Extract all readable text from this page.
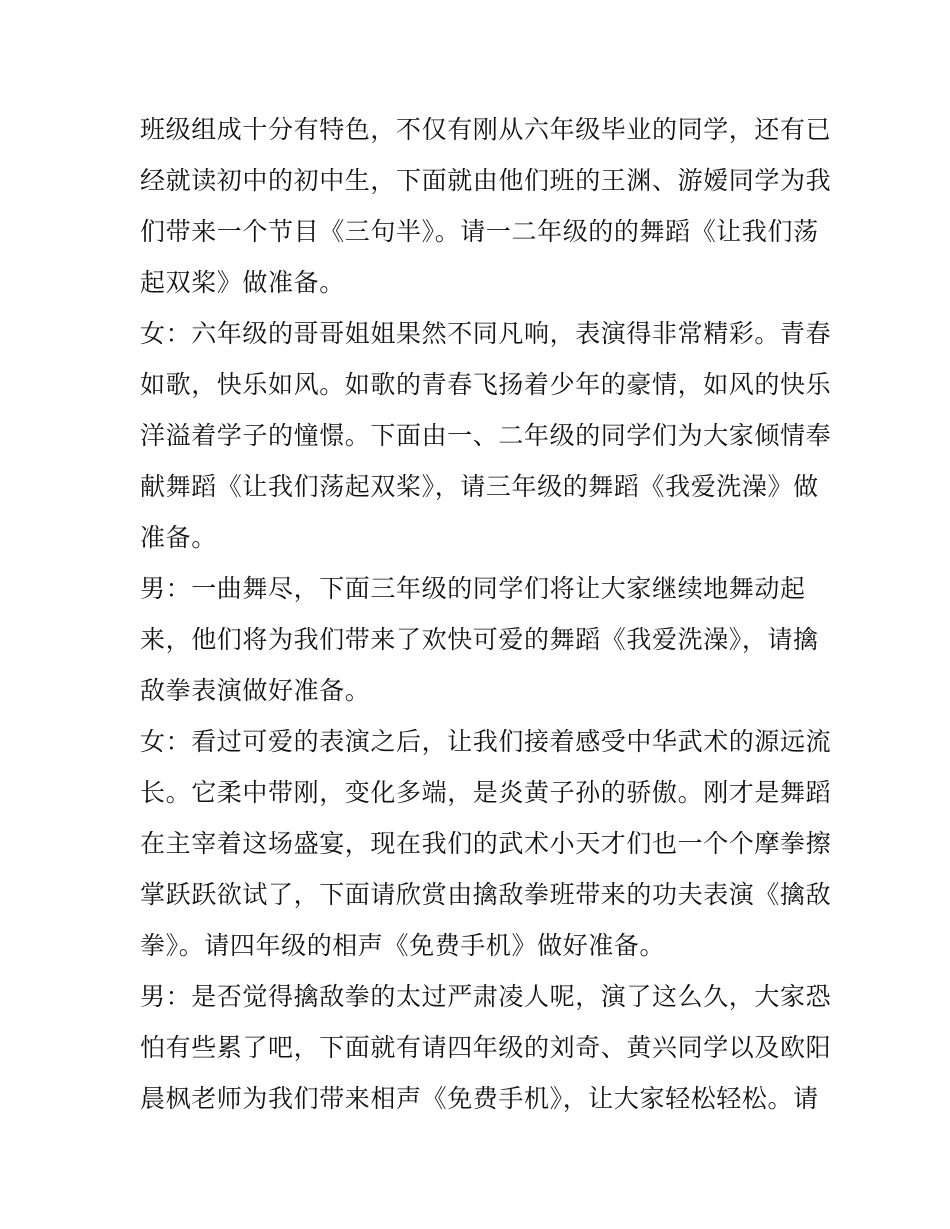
班级组成十分有特色，不仅有刚从六年级毕业的同学，还有已
经就读初中的初中生，下面就由他们班的王渊、游嫒同学为我
们带来一个节目《三句半》。请一二年级的的舞蹈《让我们荡
起双桨》做准备。
女：六年级的哥哥姐姐果然不同凡响，表演得非常精彩。青春
如歌，快乐如风。如歌的青春飞扬着少年的豪情，如风的快乐
洋溢着学子的憧憬。下面由一、二年级的同学们为大家倾情奉
献舞蹈《让我们荡起双桨》，请三年级的舞蹈《我爱洗澡》做
准备。
男：一曲舞尽，下面三年级的同学们将让大家继续地舞动起
来，他们将为我们带来了欢快可爱的舞蹈《我爱洗澡》，请擒
敌拳表演做好准备。
女：看过可爱的表演之后，让我们接着感受中华武术的源远流
长。它柔中带刚，变化多端，是炎黄子孙的骄傲。刚才是舞蹈
在主宰着这场盛宴，现在我们的武术小天才们也一个个摩拳擦
掌跃跃欲试了，下面请欣赏由擒敌拳班带来的功夫表演《擒敌
拳》。请四年级的相声《免费手机》做好准备。
男：是否觉得擒敌拳的太过严肃凌人呢，演了这么久，大家恐
怕有些累了吧，下面就有请四年级的刘奇、黄兴同学以及欧阳
晨枫老师为我们带来相声《免费手机》，让大家轻松轻松。请
